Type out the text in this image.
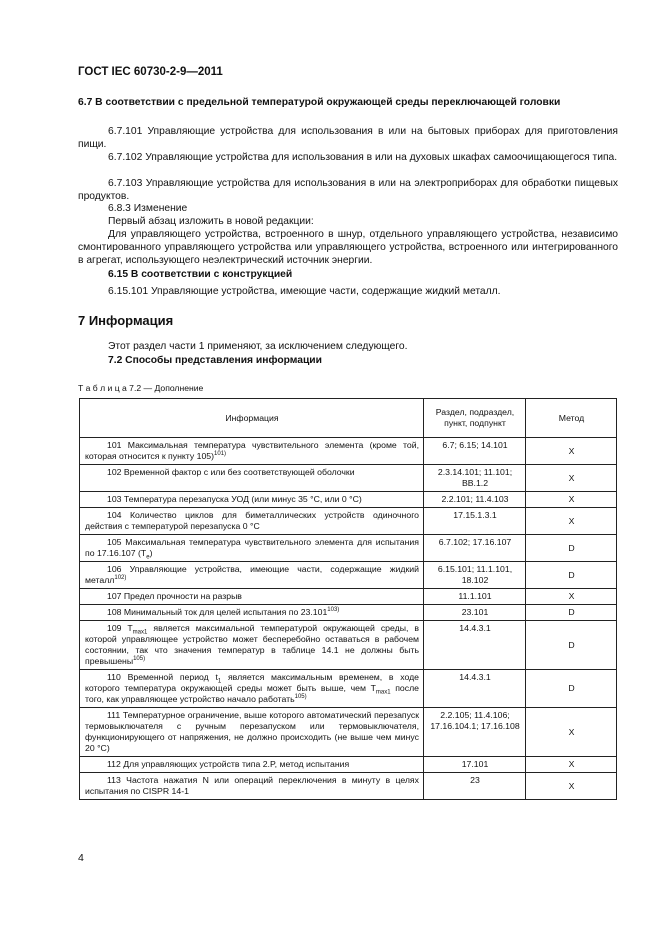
ГОСТ IEC 60730-2-9—2011
6.7 В соответствии с предельной температурой окружающей среды переключающей головки
6.7.101 Управляющие устройства для использования в или на бытовых приборах для приготовления пищи.
6.7.102 Управляющие устройства для использования в или на духовых шкафах самоочищающегося типа.
6.7.103 Управляющие устройства для использования в или на электроприборах для обработки пищевых продуктов.
6.8.3 Изменение
Первый абзац изложить в новой редакции:
Для управляющего устройства, встроенного в шнур, отдельного управляющего устройства, независимо смонтированного управляющего устройства или управляющего устройства, встроенного или интегрированного в агрегат, использующего неэлектрический источник энергии.
6.15 В соответствии с конструкцией
6.15.101 Управляющие устройства, имеющие части, содержащие жидкий металл.
7 Информация
Этот раздел части 1 применяют, за исключением следующего.
7.2 Способы представления информации
Т а б л и ц а 7.2 — Дополнение
Информация	Раздел, подраздел, пункт, подпункт	Метод
101 Максимальная температура чувствительного элемента (кроме той, которая относится к пункту 105)$^{101)}$	6.7; 6.15; 14.101	X
102 Временной фактор с или без соответствующей оболочки	2.3.14.101; 11.101; BB.1.2	X
103 Температура перезапуска УОД (или минус 35 °С, или 0 °С)	2.2.101; 11.4.103	X
104 Количество циклов для биметаллических устройств одиночного действия с температурой перезапуска 0 °С	17.15.1.3.1	X
105 Максимальная температура чувствительного элемента для испытания по 17.16.107 $(T_e)$	6.7.102; 17.16.107	D
106 Управляющие устройства, имеющие части, содержащие жидкий металл$^{102)}$	6.15.101; 11.1.101, 18.102	D
107 Предел прочности на разрыв	11.1.101	X
108 Минимальный ток для целей испытания по 23.101$^{103)}$	23.101	D
109 $T_{max1}$ является максимальной температурой окружающей среды, в которой управляющее устройство может бесперебойно оставаться в рабочем состоянии, так что значения температур в таблице 14.1 не должны быть превышены$^{105)}$	14.4.3.1	D
110 Временной период $t_1$ является максимальным временем, в ходе которого температура окружающей среды может быть выше, чем $T_{max1}$ после того, как управляющее устройство начало работать$^{105)}$	14.4.3.1	D
111 Температурное ограничение, выше которого автоматический перезапуск термовыключателя с ручным перезапуском или термовыключателя, функционирующего от напряжения, не должно происходить (не выше чем минус 20 °С)	2.2.105; 11.4.106; 17.16.104.1; 17.16.108	X
112 Для управляющих устройств типа 2.P, метод испытания	17.101	X
113 Частота нажатия N или операций переключения в минуту в целях испытания по CISPR 14-1	23	X
4
